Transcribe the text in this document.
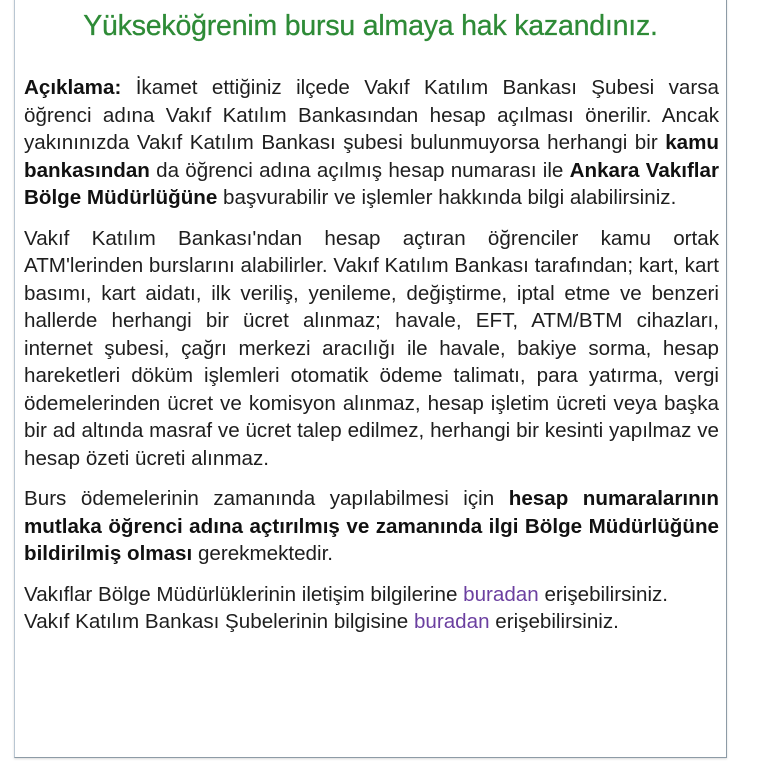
Yükseköğrenim bursu almaya hak kazandınız.

Açıklama: İkamet ettiğiniz ilçede Vakıf Katılım Bankası Şubesi varsa öğrenci adına Vakıf Katılım Bankasından hesap açılması önerilir. Ancak yakınınızda Vakıf Katılım Bankası şubesi bulunmuyorsa herhangi bir kamu bankasından da öğrenci adına açılmış hesap numarası ile Ankara Vakıflar Bölge Müdürlüğüne başvurabilir ve işlemler hakkında bilgi alabilirsiniz.

Vakıf Katılım Bankası'ndan hesap açtıran öğrenciler kamu ortak ATM'lerinden burslarını alabilirler. Vakıf Katılım Bankası tarafından; kart, kart basımı, kart aidatı, ilk veriliş, yenileme, değiştirme, iptal etme ve benzeri hallerde herhangi bir ücret alınmaz; havale, EFT, ATM/BTM cihazları, internet şubesi, çağrı merkezi aracılığı ile havale, bakiye sorma, hesap hareketleri döküm işlemleri otomatik ödeme talimatı, para yatırma, vergi ödemelerinden ücret ve komisyon alınmaz, hesap işletim ücreti veya başka bir ad altında masraf ve ücret talep edilmez, herhangi bir kesinti yapılmaz ve hesap özeti ücreti alınmaz.

Burs ödemelerinin zamanında yapılabilmesi için hesap numaralarının mutlaka öğrenci adına açtırılmış ve zamanında ilgi Bölge Müdürlüğüne bildirilmiş olması gerekmektedir.

Vakıflar Bölge Müdürlüklerinin iletişim bilgilerine buradan erişebilirsiniz.
Vakıf Katılım Bankası Şubelerinin bilgisine buradan erişebilirsiniz.
